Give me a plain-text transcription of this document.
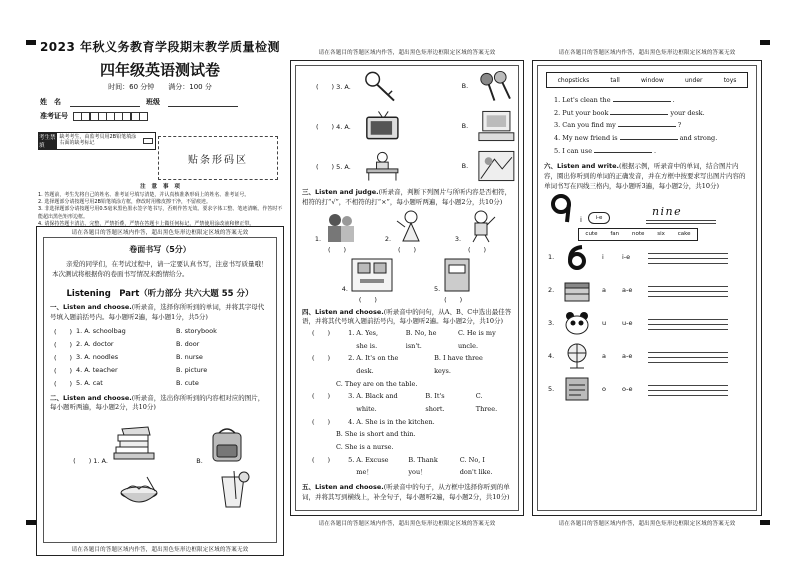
2023 年秋义务教育学段期末教学质量检测
四年级英语测试卷
时间：60 分钟　　满分：100 分
姓　名	班级
准考证号
考生禁填
缺考考生，由监考员用2B铅笔填涂右面的缺考标记
贴条形码区
注 意 事 项
1. 答题前，考生先将自己的姓名、准考证号填写清楚，并认真核准条形码上的姓名、准考证号。
2. 选择题部分请按题号用2B铅笔填涂方框，修改时用橡皮擦干净，不留痕迹。
3. 非选择题部分请按题号用0.5毫米黑色墨水签字笔书写，否则作答无效。要求字体工整、笔迹清晰。作答时不能超出黑色矩形边框。
4. 请保持答题卡清洁、完整，严禁折叠，严禁在答题卡上做任何标记，严禁使用涂改液和修正带。
请在各题目的答题区域内作答，超出黑色矩形边框限定区域的答案无效
卷面书写（5分）
亲爱的同学们，在考试过程中，请一定要认真书写，注意书写质量哦！本次测试将根据你的卷面书写情况来酌情给分。
Listening　Part（听力部分 共六大题 55 分）
一、Listen and choose.(听录音，选择你所听到的单词，并将其字母代号填入题前括号内。每小题听2遍，每小题1分，共5分)
(　　) 1. A. schoolbag	B. storybook
(　　) 2. A. doctor	B. door
(　　) 3. A. noodles	B. nurse
(　　) 4. A. teacher	B. picture
(　　) 5. A. cat	B. cute
二、Listen and choose.(听录音，选出你所听到的内容相对应的图片，每小题听两遍，每小题2分，共10分)
(　　) 1. A.	B.
请在各题目的答题区域内作答，超出黑色矩形边框限定区域的答案无效
请在各题目的答题区域内作答，超出黑色矩形边框限定区域的答案无效
(　　) 3. A.	B.
(　　) 4. A.	B.
(　　) 5. A.	B.
三、Listen and judge.(听录音，判断下列图片与所听内容是否相符，相符的打“√”，不相符的打“×”，每小题听两遍，每小题2分，共10分)
1.
(　　)
2.
(　　)
3.
(　　)
4.
(　　)
5.
(　　)
四、Listen and choose.(听录音中的问句，从A、B、C中选出最佳答语，并将其代号填入题前括号内，每小题听2遍。每小题2分，共10分)
(　　)	1. A. Yes, she is.
B. No, he isn't.
C. He is my uncle.
(　　)	2. A. It's on the desk.
B. I have three keys.
C. They are on the table.
(　　)	3. A. Black and white.
B. It's short.
C. Three.
(　　)	4. A. She is in the kitchen.
B. She is short and thin.
C. She is a nurse.
(　　)	5. A. Excuse me！
B. Thank you！
C. No, I don't like.
五、Listen and choose.(听录音中的句子，从方框中选择你听到的单词，并将其写到横线上，补全句子，每小题听2遍，每小题2分，共10分)
请在各题目的答题区域内作答，超出黑色矩形边框限定区域的答案无效
请在各题目的答题区域内作答，超出黑色矩形边框限定区域的答案无效
chopsticks	tall	window	under	toys
1. Let's clean the	.
2. Put your book	your desk.
3. Can you find my	?
4. My new friend is	and strong.
5. I can use	.
六、Listen and write.(根据示例，听录音中的单词，结合图片内容，圈出你听到的单词的正确发音，并在方框中按要求写出图片内容的单词书写在四线三格内，每小题听3遍，每小题2分，共10分)
i	i-e	nine
cute fan note six cake
1.	i	i-e
2.	a	a-e
3.	u	u-e
4.	a	a-e
5.	o	o-e
请在各题目的答题区域内作答，超出黑色矩形边框限定区域的答案无效
